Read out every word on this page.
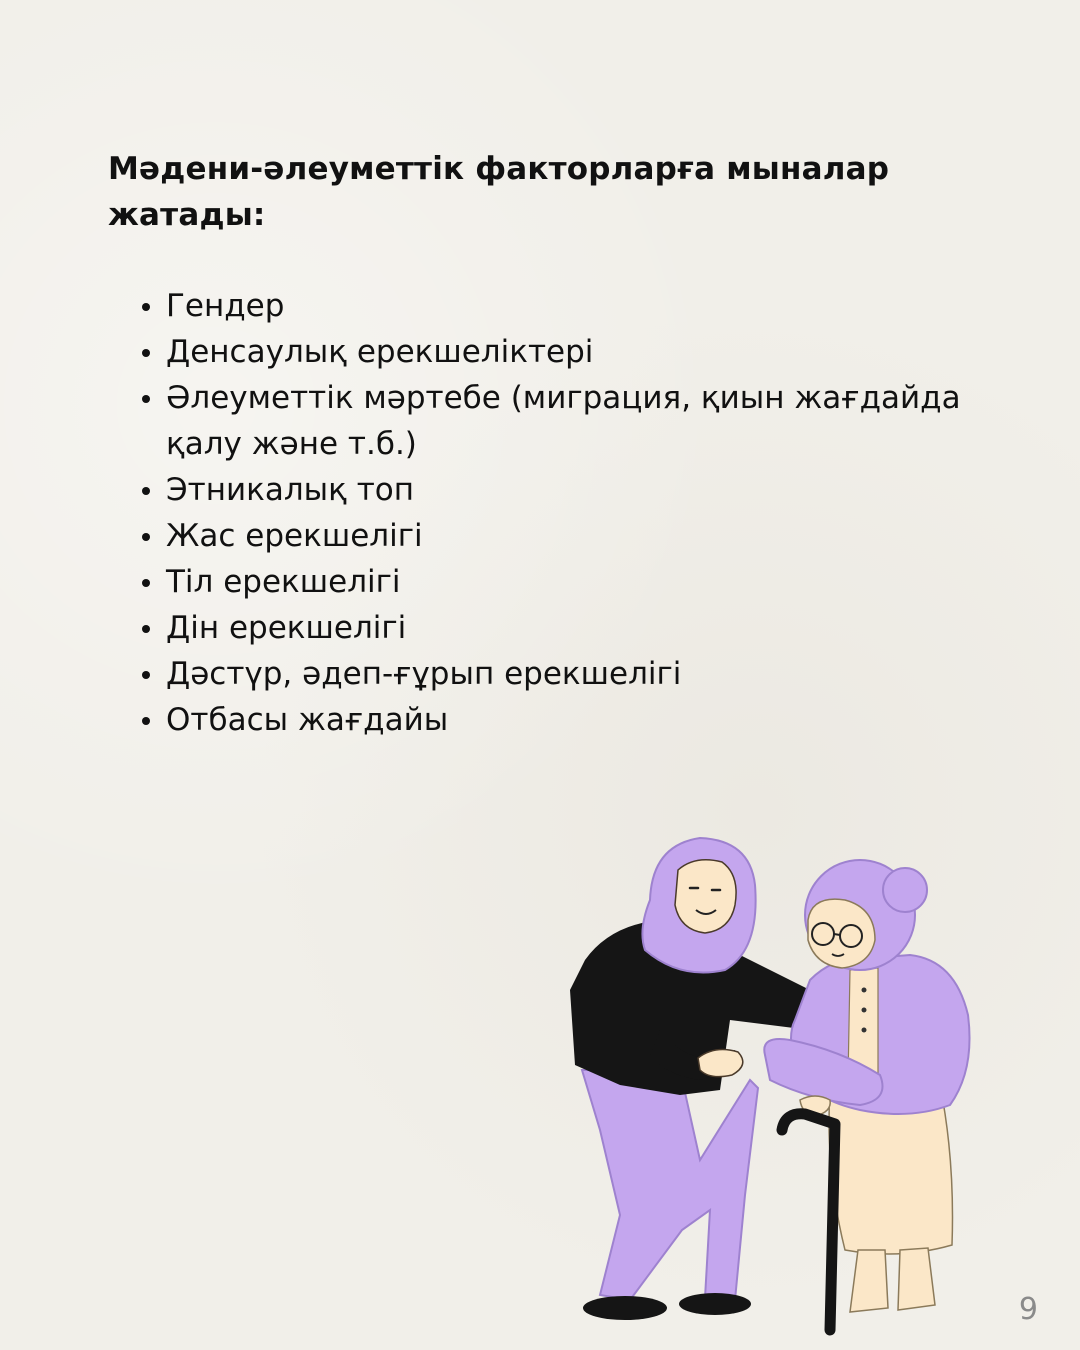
Мәдени-әлеуметтік факторларға мыналар жатады:
Гендер
Денсаулық ерекшеліктері
Әлеуметтік мәртебе (миграция, қиын жағдайда қалу және т.б.)
Этникалық топ
Жас ерекшелігі
Тіл ерекшелігі
Дін ерекшелігі
Дәстүр, әдеп-ғұрып ерекшелігі
Отбасы жағдайы
9
